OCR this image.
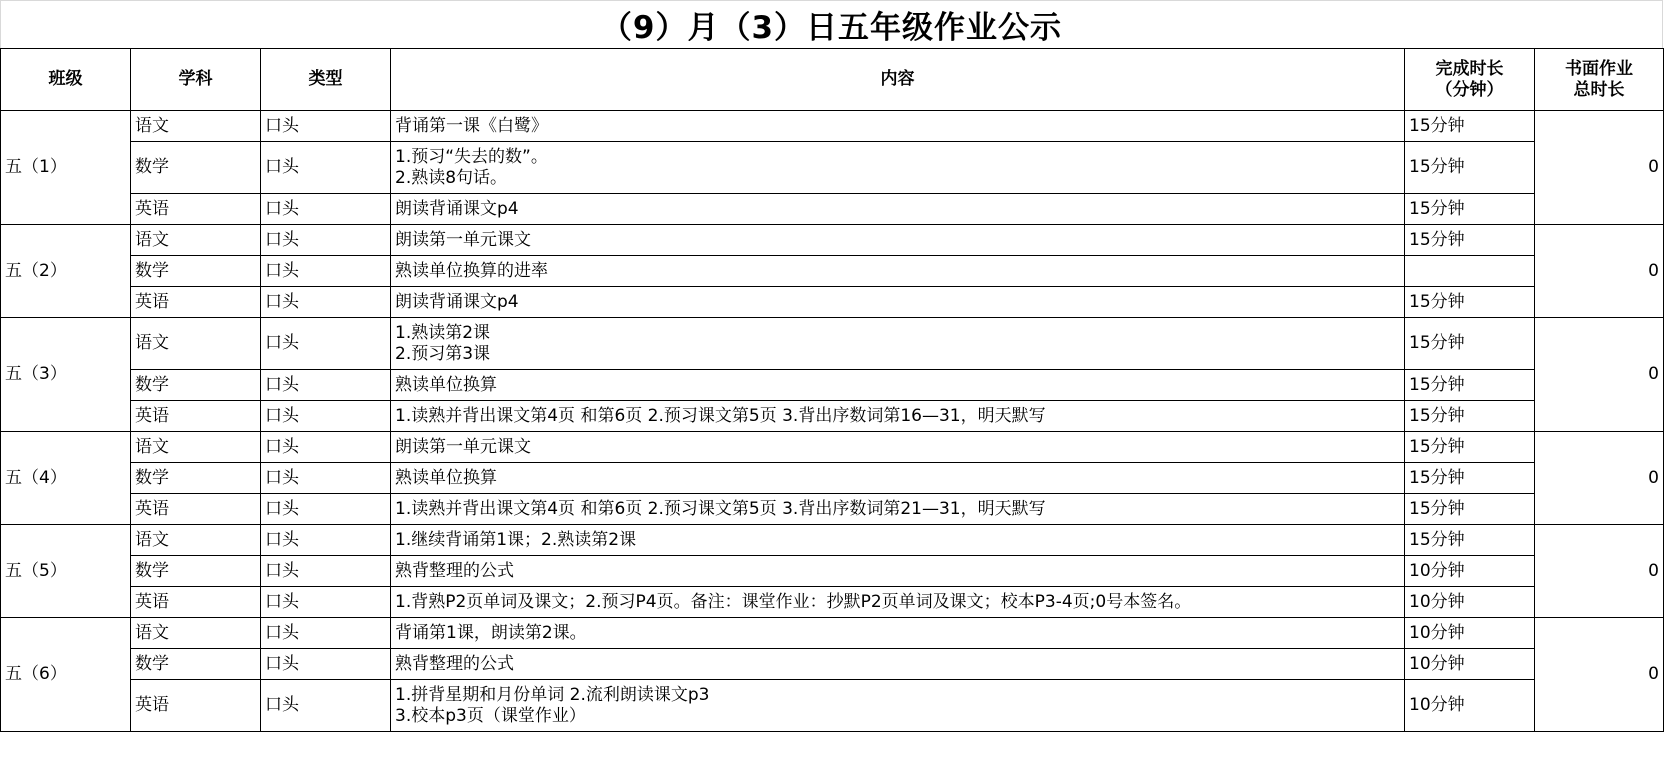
（9）月（3）日五年级作业公示
班级	学科	类型	内容	完成时长
（分钟）	书面作业
总时长
五（1）	语文	口头	背诵第一课《白鹭》	15分钟	0
	数学	口头	1.预习“失去的数”。
2.熟读8句话。	15分钟	
	英语	口头	朗读背诵课文p4	15分钟	
五（2）	语文	口头	朗读第一单元课文	15分钟	0
	数学	口头	熟读单位换算的进率		
	英语	口头	朗读背诵课文p4	15分钟	
五（3）	语文	口头	1.熟读第2课
2.预习第3课	15分钟	0
	数学	口头	熟读单位换算	15分钟	
	英语	口头	1.读熟并背出课文第4页 和第6页 2.预习课文第5页 3.背出序数词第16—31，明天默写	15分钟	
五（4）	语文	口头	朗读第一单元课文	15分钟	0
	数学	口头	熟读单位换算	15分钟	
	英语	口头	1.读熟并背出课文第4页 和第6页 2.预习课文第5页 3.背出序数词第21—31，明天默写	15分钟	
五（5）	语文	口头	1.继续背诵第1课；2.熟读第2课	15分钟	0
	数学	口头	熟背整理的公式	10分钟	
	英语	口头	1.背熟P2页单词及课文；2.预习P4页。备注：课堂作业：抄默P2页单词及课文；校本P3-4页;0号本签名。	10分钟	
五（6）	语文	口头	背诵第1课，朗读第2课。	10分钟	0
	数学	口头	熟背整理的公式	10分钟	
	英语	口头	1.拼背星期和月份单词 2.流利朗读课文p3
3.校本p3页（课堂作业）	10分钟	
